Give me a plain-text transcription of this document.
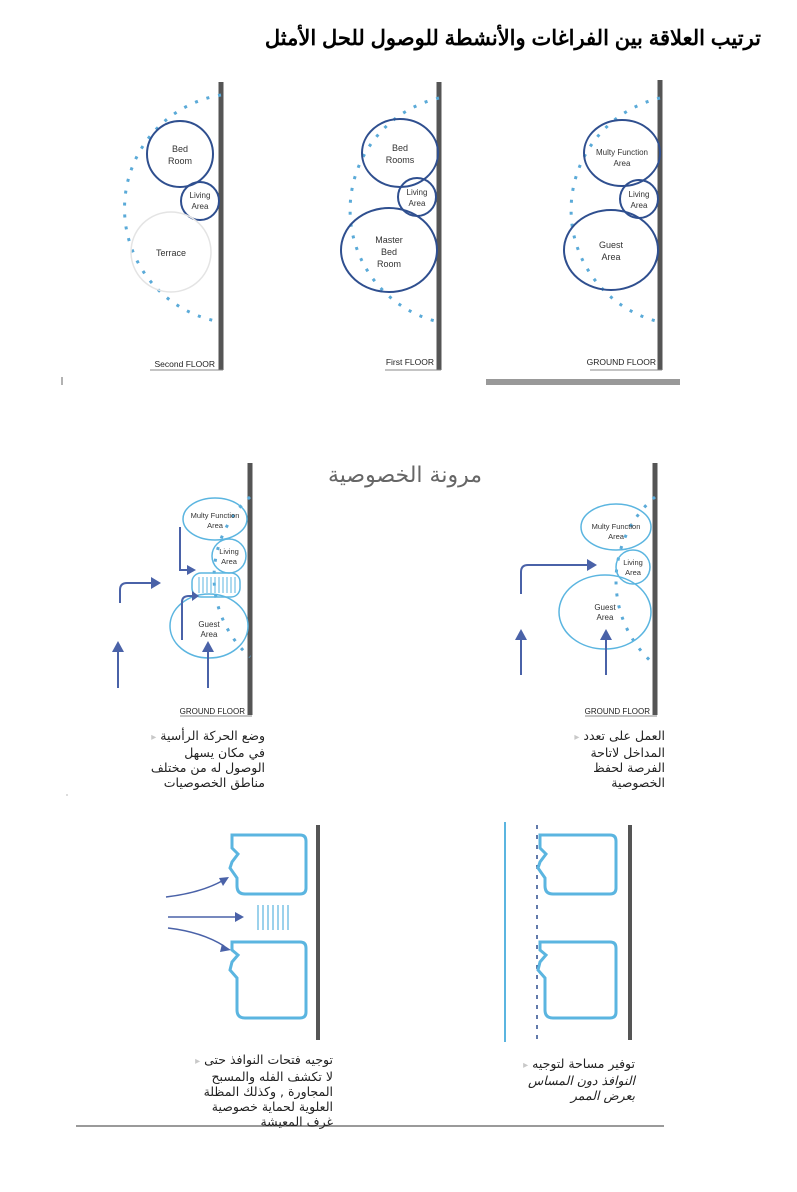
ترتيب العلاقة بين الفراغات والأنشطة للوصول للحل الأمثل
Bed
Room
Living
Area
Terrace
Second FLOOR
Bed
Rooms
Living
Area
Master
Bed
Room
First FLOOR
Multy Function
Area
Living
Area
Guest
Area
GROUND FLOOR
Multy Function
Area
Living
Area
Guest
Area
GROUND FLOOR
Multy Function
Area
Living
Area
Guest
Area
GROUND FLOOR
مرونة الخصوصية
وضع الحركة الرأسية ▸
في مكان يسهل
الوصول له من مختلف
مناطق الخصوصيات
العمل على تعدد ▸
المداخل لاتاحة
الفرصة لحفظ
الخصوصية
توجيه فتحات النوافذ حتى ▸
لا تكشف الفله والمسبح
المجاورة , وكذلك المظلة
العلوية لحماية خصوصية
غرف المعيشة
توفير مساحة لتوجيه ▸
النوافذ دون المساس
بعرض الممر
